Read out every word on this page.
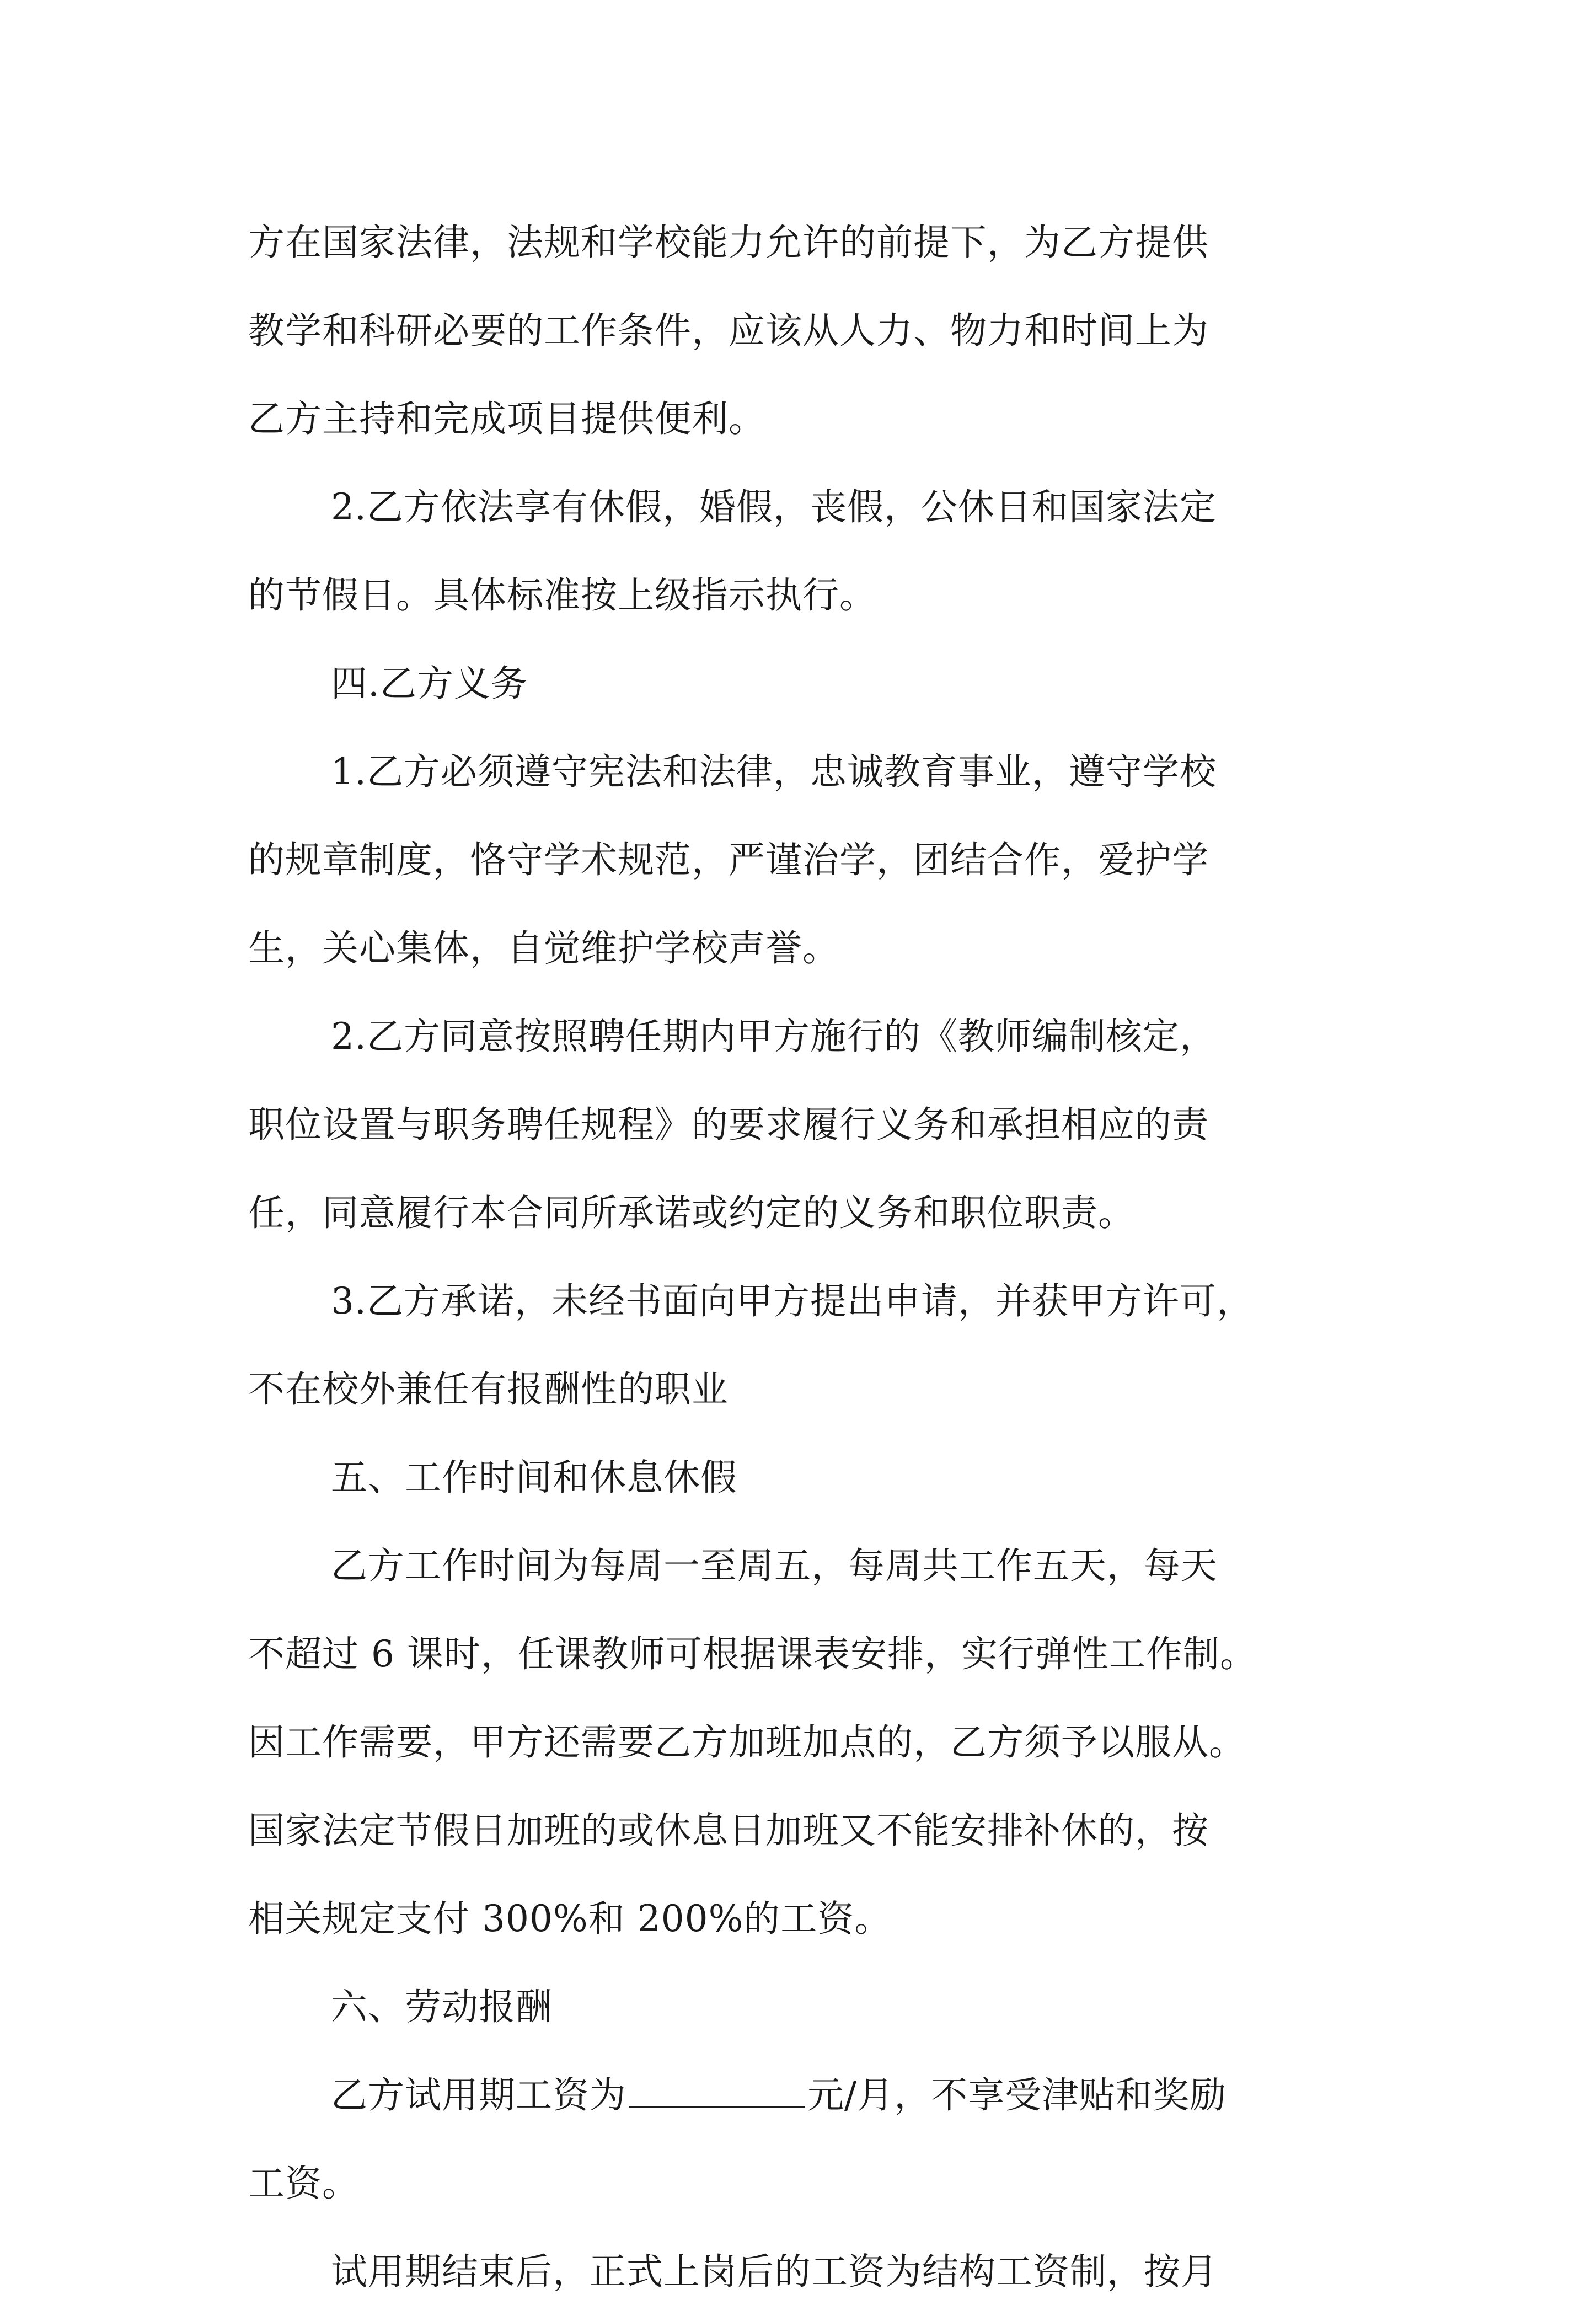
方在国家法律，法规和学校能力允许的前提下，为乙方提供
教学和科研必要的工作条件，应该从人力、物力和时间上为
乙方主持和完成项目提供便利。
2.乙方依法享有休假，婚假，丧假，公休日和国家法定
的节假日。具体标准按上级指示执行。
四.乙方义务
1.乙方必须遵守宪法和法律，忠诚教育事业，遵守学校
的规章制度，恪守学术规范，严谨治学，团结合作，爱护学
生，关心集体，自觉维护学校声誉。
2.乙方同意按照聘任期内甲方施行的《教师编制核定，
职位设置与职务聘任规程》的要求履行义务和承担相应的责
任，同意履行本合同所承诺或约定的义务和职位职责。
3.乙方承诺，未经书面向甲方提出申请，并获甲方许可，
不在校外兼任有报酬性的职业
五、工作时间和休息休假
乙方工作时间为每周一至周五，每周共工作五天，每天
不超过 6 课时，任课教师可根据课表安排，实行弹性工作制。
因工作需要，甲方还需要乙方加班加点的，乙方须予以服从。
国家法定节假日加班的或休息日加班又不能安排补休的，按
相关规定支付 300%和 200%的工资。
六、劳动报酬
乙方试用期工资为	元/月，不享受津贴和奖励
工资。
试用期结束后，正式上岗后的工资为结构工资制，按月
